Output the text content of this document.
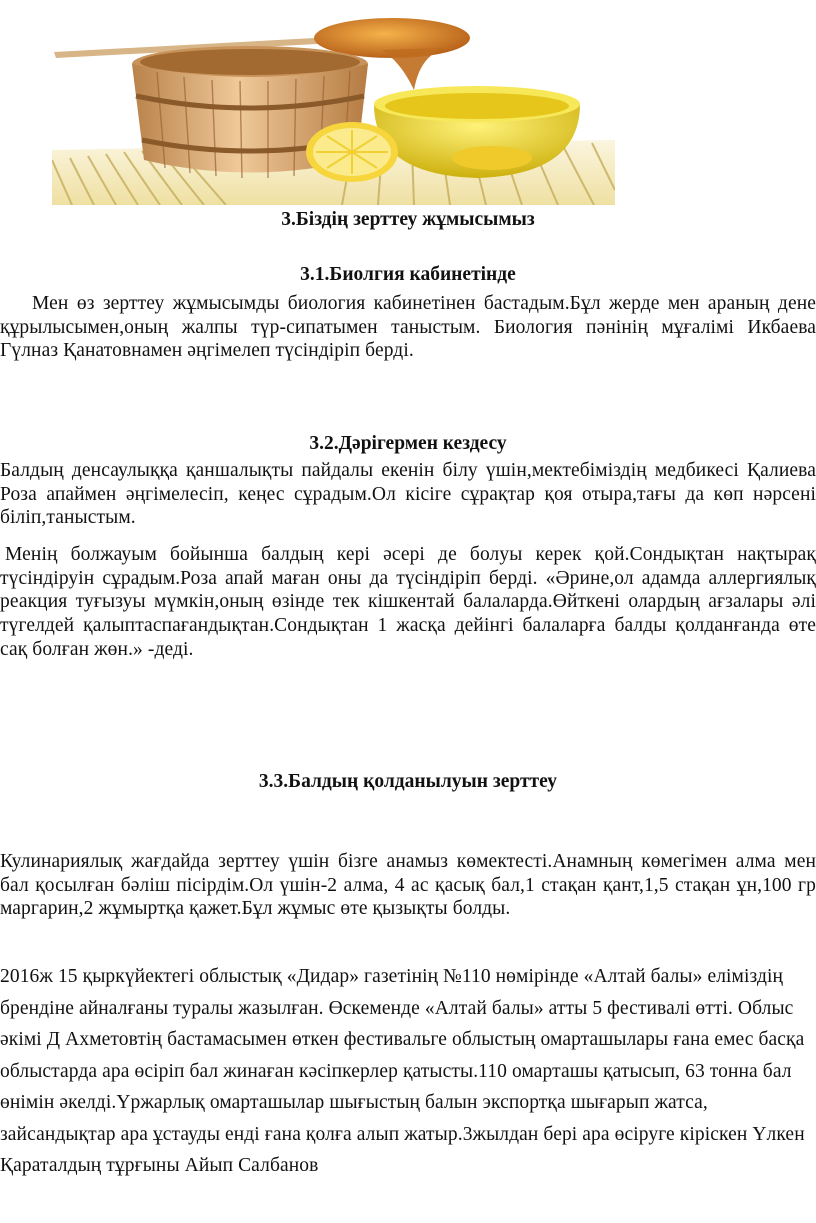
3.Біздің зерттеу жұмысымыз
3.1.Биолгия кабинетінде

Мен өз зерттеу жұмысымды биология кабинетінен бастадым.Бұл жерде мен араның дене құрылысымен,оның жалпы түр-сипатымен таныстым. Биология пәнінің мұғалімі Икбаева Гүлназ Қанатовнамен әңгімелеп түсіндіріп берді.

3.2.Дәрігермен кездесу

Балдың денсаулыққа қаншалықты пайдалы екенін білу үшін,мектебіміздің медбикесі Қалиева Роза апаймен әңгімелесіп, кеңес сұрадым.Ол кісіге сұрақтар қоя отыра,тағы да көп нәрсені біліп,таныстым.

Менің болжауым бойынша балдың кері әсері де болуы керек қой.Сондықтан нақтырақ түсіндіруін сұрадым.Роза апай маған оны да түсіндіріп берді. «Әрине,ол адамда аллергиялық реакция туғызуы мүмкін,оның өзінде тек кішкентай балаларда.Өйткені олардың ағзалары әлі түгелдей қалыптаспағандықтан.Сондықтан 1 жасқа дейінгі балаларға балды қолданғанда өте сақ болған жөн.» -деді.

3.3.Балдың қолданылуын зерттеу

Кулинариялық жағдайда зерттеу үшін бізге анамыз көмектесті.Анамның көмегімен алма мен бал қосылған бәліш пісірдім.Ол үшін-2 алма, 4 ас қасық бал,1 стақан қант,1,5 стақан ұн,100 гр маргарин,2 жұмыртқа қажет.Бұл жұмыс өте қызықты болды.

2016ж 15 қыркүйектегі облыстық «Дидар» газетінің №110 нөмірінде «Алтай балы» еліміздің брендіне айналғаны туралы жазылған. Өскеменде «Алтай балы» атты 5 фестивалі өтті. Облыс әкімі Д Ахметовтің бастамасымен өткен фестивальге облыстың омарташылары ғана емес басқа облыстарда ара өсіріп бал жинаған кәсіпкерлер қатысты.110 омарташы қатысып, 63 тонна бал өнімін әкелді.Үржарлық омарташылар шығыстың балын экспортқа шығарып жатса, зайсандықтар ара ұстауды енді ғана қолға алып жатыр.3жылдан бері ара өсіруге кіріскен Үлкен Қараталдың тұрғыны Айып Салбанов
